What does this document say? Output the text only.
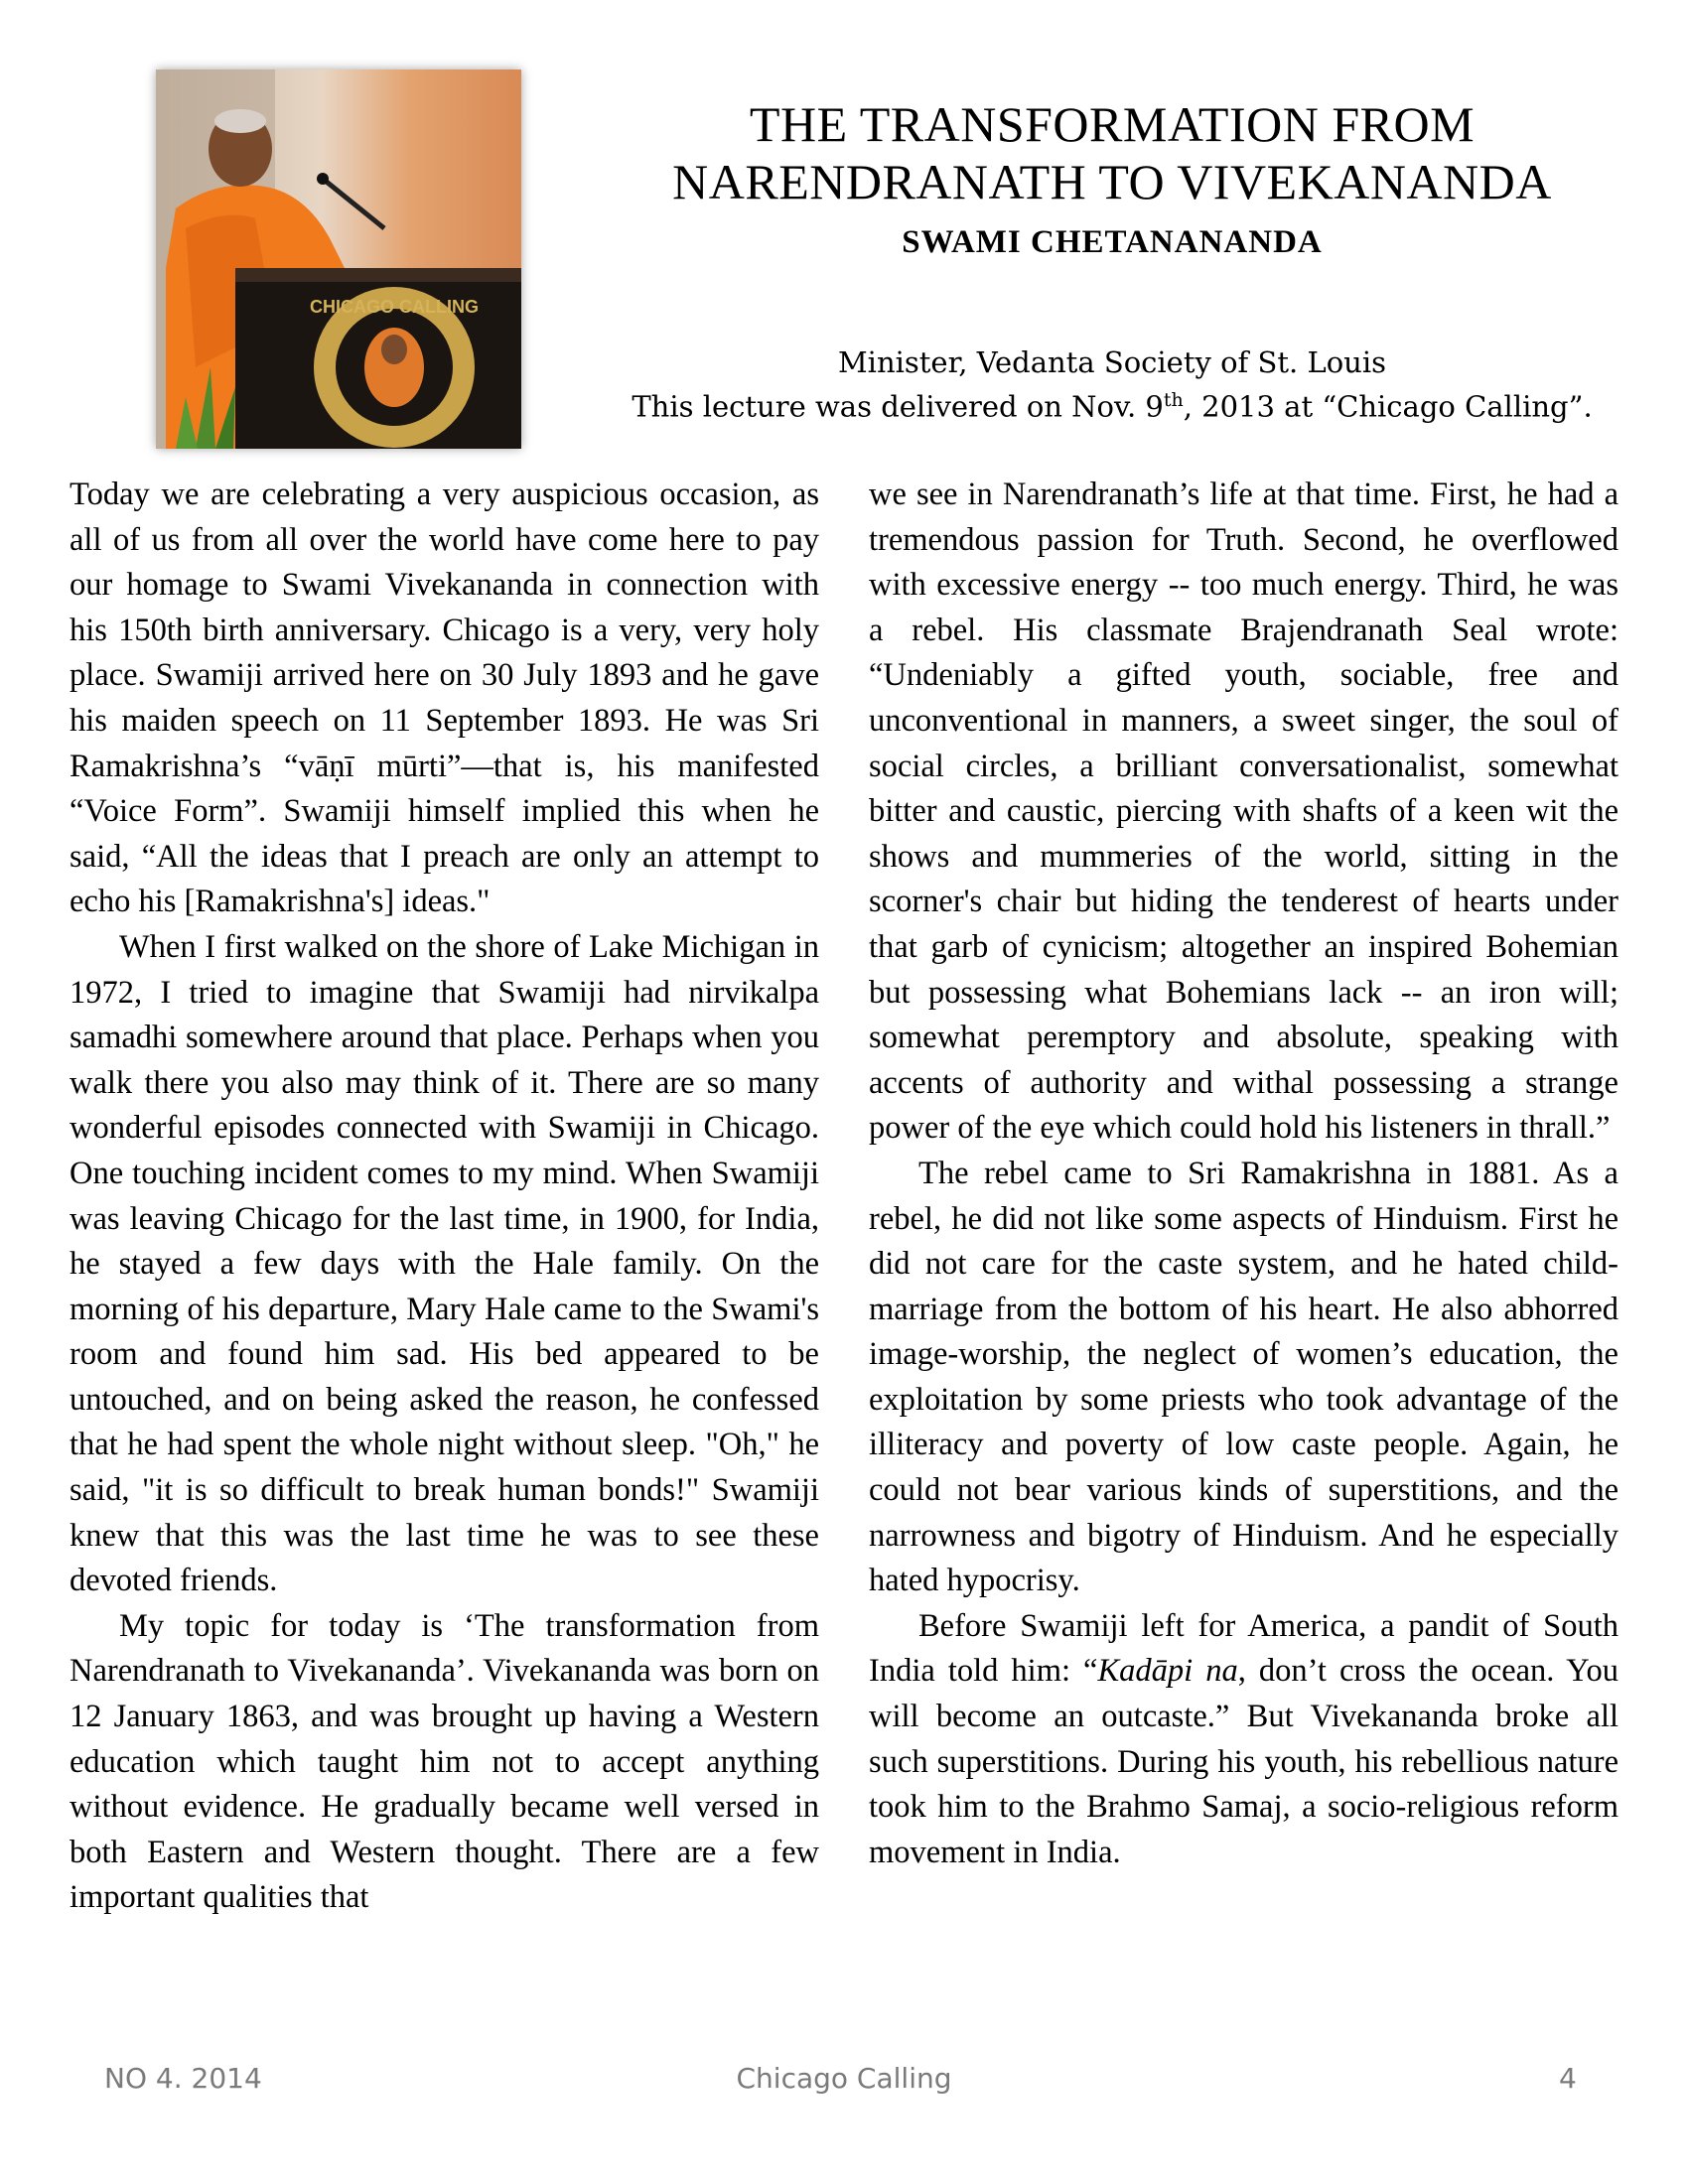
CHICAGO CALLING
THE TRANSFORMATION FROM
NARENDRANATH TO VIVEKANANDA
SWAMI CHETANANANDA
Minister, Vedanta Society of St. Louis
This lecture was delivered on Nov. 9th, 2013 at “Chicago Calling”.

Today we are celebrating a very auspicious occasion, as all of us from all over the world have come here to pay our homage to Swami Vivekananda in connection with his 150th birth anniversary. Chicago is a very, very holy place. Swamiji arrived here on 30 July 1893 and he gave his maiden speech on 11 September 1893. He was Sri Ramakrishna’s “vāṇī mūrti”—that is, his manifested “Voice Form”. Swamiji himself implied this when he said, “All the ideas that I preach are only an attempt to echo his [Ramakrishna's] ideas."

When I first walked on the shore of Lake Michigan in 1972, I tried to imagine that Swamiji had nirvikalpa samadhi somewhere around that place. Perhaps when you walk there you also may think of it. There are so many wonderful episodes connected with Swamiji in Chicago. One touching incident comes to my mind. When Swamiji was leaving Chicago for the last time, in 1900, for India, he stayed a few days with the Hale family. On the morning of his departure, Mary Hale came to the Swami's room and found him sad. His bed appeared to be untouched, and on being asked the reason, he confessed that he had spent the whole night without sleep. "Oh," he said, "it is so difficult to break human bonds!" Swamiji knew that this was the last time he was to see these devoted friends.

My topic for today is ‘The transformation from Narendranath to Vivekananda’. Vivekananda was born on 12 January 1863, and was brought up having a Western education which taught him not to accept anything without evidence. He gradually became well versed in both Eastern and Western thought. There are a few important qualities that

we see in Narendranath’s life at that time. First, he had a tremendous passion for Truth. Second, he overflowed with excessive energy -- too much energy. Third, he was a rebel. His classmate Brajendranath Seal wrote: “Undeniably a gifted youth, sociable, free and unconventional in manners, a sweet singer, the soul of social circles, a brilliant conversationalist, somewhat bitter and caustic, piercing with shafts of a keen wit the shows and mummeries of the world, sitting in the scorner's chair but hiding the tenderest of hearts under that garb of cynicism; altogether an inspired Bohemian but possessing what Bohemians lack -- an iron will; somewhat peremptory and absolute, speaking with accents of authority and withal possessing a strange power of the eye which could hold his listeners in thrall.”

The rebel came to Sri Ramakrishna in 1881. As a rebel, he did not like some aspects of Hinduism. First he did not care for the caste system, and he hated child-marriage from the bottom of his heart. He also abhorred image-worship, the neglect of women’s education, the exploitation by some priests who took advantage of the illiteracy and poverty of low caste people. Again, he could not bear various kinds of superstitions, and the narrowness and bigotry of Hinduism. And he especially hated hypocrisy.

Before Swamiji left for America, a pandit of South India told him: “Kadāpi na, don’t cross the ocean. You will become an outcaste.” But Vivekananda broke all such superstitions. During his youth, his rebellious nature took him to the Brahmo Samaj, a socio-religious reform movement in India.

NO 4. 2014	Chicago Calling	4
